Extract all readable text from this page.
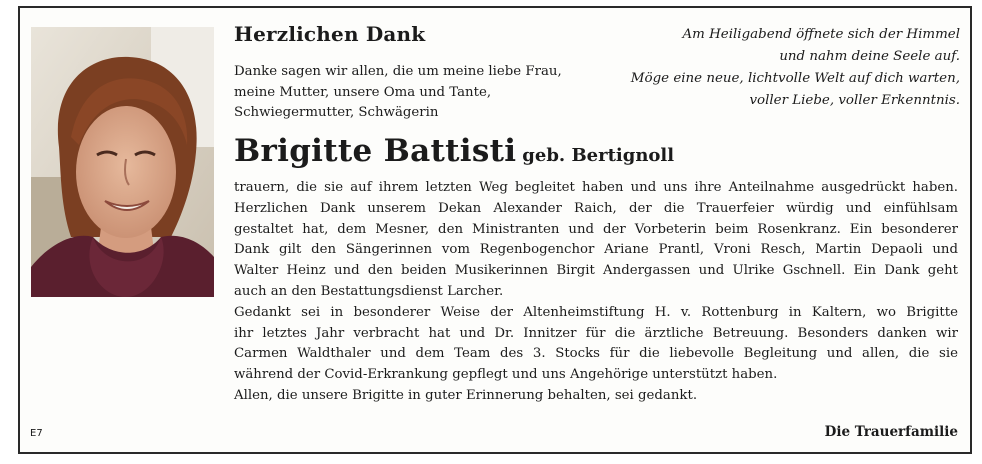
Herzlichen Dank
Danke sagen wir allen, die um meine liebe Frau,
meine Mutter, unsere Oma und Tante,
Schwiegermutter, Schwägerin
Am Heiligabend öffnete sich der Himmel
und nahm deine Seele auf.
Möge eine neue, lichtvolle Welt auf dich warten,
voller Liebe, voller Erkenntnis.
Brigitte Battisti geb. Bertignoll
trauern, die sie auf ihrem letzten Weg begleitet haben und uns ihre Anteilnahme ausgedrückt haben.
Herzlichen Dank unserem Dekan Alexander Raich, der die Trauerfeier würdig und einfühlsam
gestaltet hat, dem Mesner, den Ministranten und der Vorbeterin beim Rosenkranz. Ein besonderer
Dank gilt den Sängerinnen vom Regenbogenchor Ariane Prantl, Vroni Resch, Martin Depaoli und
Walter Heinz und den beiden Musikerinnen Birgit Andergassen und Ulrike Gschnell. Ein Dank geht
auch an den Bestattungsdienst Larcher.
Gedankt sei in besonderer Weise der Altenheimstiftung H. v. Rottenburg in Kaltern, wo Brigitte
ihr letztes Jahr verbracht hat und Dr. Innitzer für die ärztliche Betreuung. Besonders danken wir
Carmen Waldthaler und dem Team des 3. Stocks für die liebevolle Begleitung und allen, die sie
während der Covid-Erkrankung gepflegt und uns Angehörige unterstützt haben.
Allen, die unsere Brigitte in guter Erinnerung behalten, sei gedankt.
Die Trauerfamilie
E7
